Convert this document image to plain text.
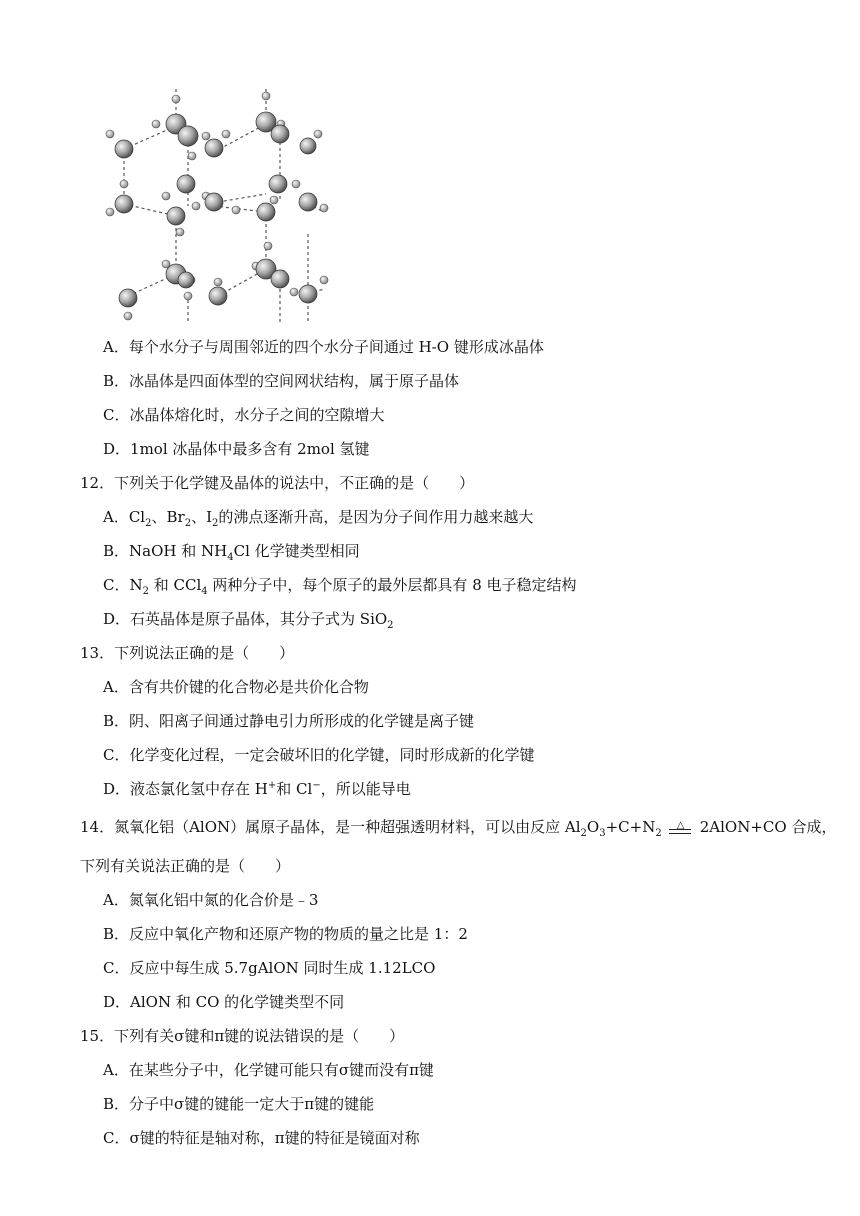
A．每个水分子与周围邻近的四个水分子间通过 H-O 键形成冰晶体
B．冰晶体是四面体型的空间网状结构，属于原子晶体
C．冰晶体熔化时，水分子之间的空隙增大
D．1mol 冰晶体中最多含有 2mol 氢键
12．下列关于化学键及晶体的说法中，不正确的是（　　）
A．$Cl_2$、$Br_2$、$I_2$的沸点逐渐升高，是因为分子间作用力越来越大
B．NaOH 和 $NH_4Cl$ 化学键类型相同
C．$N_2$ 和 CCl$_4$ 两种分子中，每个原子的最外层都具有 8 电子稳定结构
D．石英晶体是原子晶体，其分子式为 SiO$_2$
13．下列说法正确的是（　　）
A．含有共价键的化合物必是共价化合物
B．阴、阳离子间通过静电引力所形成的化学键是离子键
C．化学变化过程，一定会破坏旧的化学键，同时形成新的化学键
D．液态氯化氢中存在 H+和 Cl−，所以能导电
14．氮氧化铝（AlON）属原子晶体，是一种超强透明材料，可以由反应 $Al_2O_3+C+N_2$
△ 2AlON+CO 合成，
下列有关说法正确的是（　　）
A．氮氧化铝中氮的化合价是﹣3
B．反应中氧化产物和还原产物的物质的量之比是 1：2
C．反应中每生成 5.7gAlON 同时生成 1.12LCO
D．AlON 和 CO 的化学键类型不同
15．下列有关σ键和π键的说法错误的是（　　）
A．在某些分子中，化学键可能只有σ键而没有π键
B．分子中σ键的键能一定大于π键的键能
C．σ键的特征是轴对称，π键的特征是镜面对称
